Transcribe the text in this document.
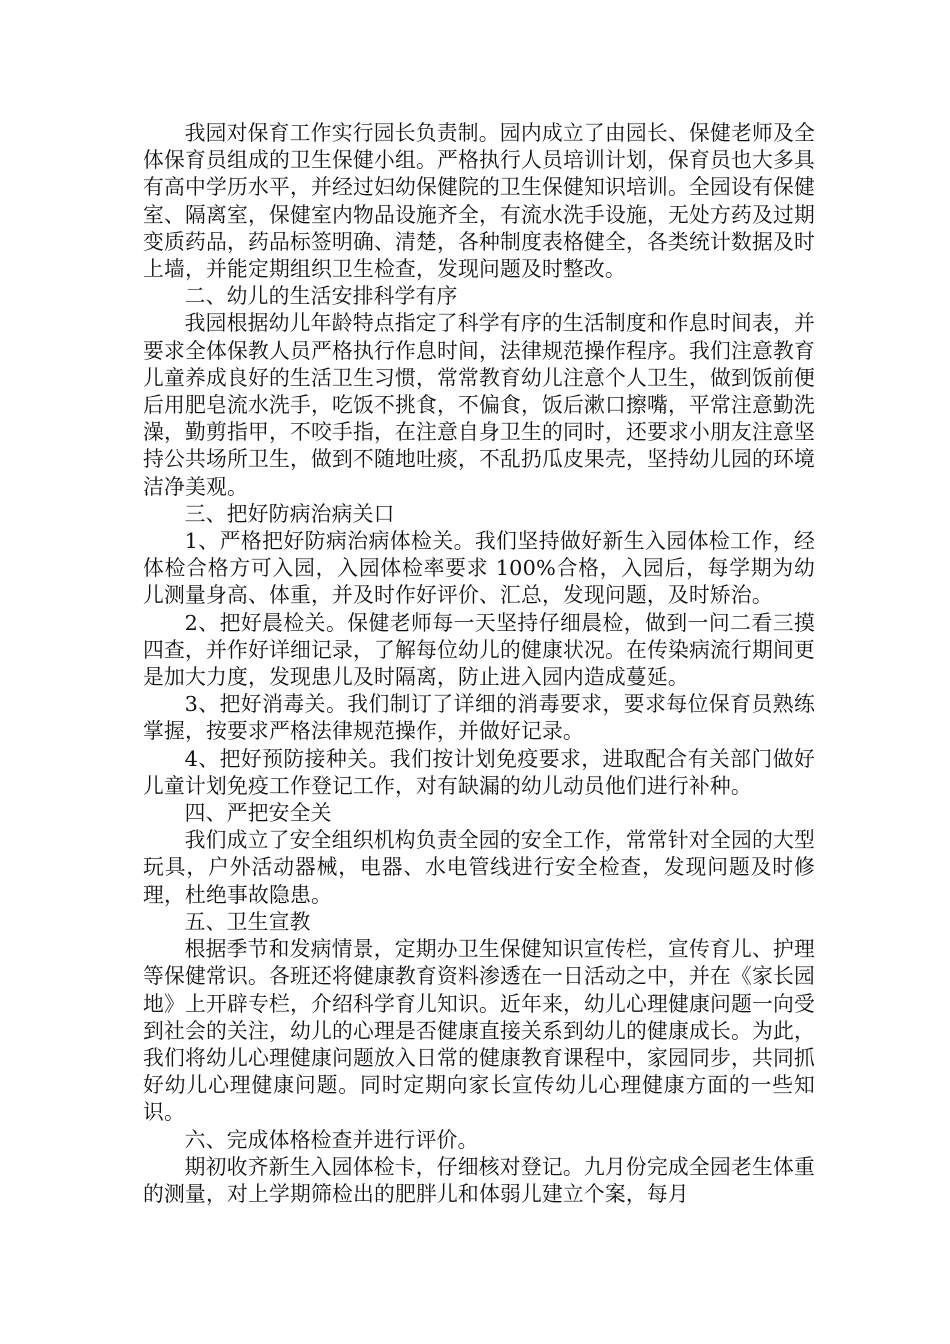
我园对保育工作实行园长负责制。园内成立了由园长、保健老师及全体保育员组成的卫生保健小组。严格执行人员培训计划，保育员也大多具有高中学历水平，并经过妇幼保健院的卫生保健知识培训。全园设有保健室、隔离室，保健室内物品设施齐全，有流水洗手设施，无处方药及过期变质药品，药品标签明确、清楚，各种制度表格健全，各类统计数据及时上墙，并能定期组织卫生检查，发现问题及时整改。

二、幼儿的生活安排科学有序

我园根据幼儿年龄特点指定了科学有序的生活制度和作息时间表，并要求全体保教人员严格执行作息时间，法律规范操作程序。我们注意教育儿童养成良好的生活卫生习惯，常常教育幼儿注意个人卫生，做到饭前便后用肥皂流水洗手，吃饭不挑食，不偏食，饭后漱口擦嘴，平常注意勤洗澡，勤剪指甲，不咬手指，在注意自身卫生的同时，还要求小朋友注意坚持公共场所卫生，做到不随地吐痰，不乱扔瓜皮果壳，坚持幼儿园的环境洁净美观。

三、把好防病治病关口

1、严格把好防病治病体检关。我们坚持做好新生入园体检工作，经体检合格方可入园，入园体检率要求 100%合格，入园后，每学期为幼儿测量身高、体重，并及时作好评价、汇总，发现问题，及时矫治。

2、把好晨检关。保健老师每一天坚持仔细晨检，做到一问二看三摸四查，并作好详细记录，了解每位幼儿的健康状况。在传染病流行期间更是加大力度，发现患儿及时隔离，防止进入园内造成蔓延。

3、把好消毒关。我们制订了详细的消毒要求，要求每位保育员熟练掌握，按要求严格法律规范操作，并做好记录。

4、把好预防接种关。我们按计划免疫要求，进取配合有关部门做好儿童计划免疫工作登记工作，对有缺漏的幼儿动员他们进行补种。

四、严把安全关

我们成立了安全组织机构负责全园的安全工作，常常针对全园的大型玩具，户外活动器械，电器、水电管线进行安全检查，发现问题及时修理，杜绝事故隐患。

五、卫生宣教

根据季节和发病情景，定期办卫生保健知识宣传栏，宣传育儿、护理等保健常识。各班还将健康教育资料渗透在一日活动之中，并在《家长园地》上开辟专栏，介绍科学育儿知识。近年来，幼儿心理健康问题一向受到社会的关注，幼儿的心理是否健康直接关系到幼儿的健康成长。为此，我们将幼儿心理健康问题放入日常的健康教育课程中，家园同步，共同抓好幼儿心理健康问题。同时定期向家长宣传幼儿心理健康方面的一些知识。

六、完成体格检查并进行评价。

期初收齐新生入园体检卡，仔细核对登记。九月份完成全园老生体重的测量，对上学期筛检出的肥胖儿和体弱儿建立个案，每月
